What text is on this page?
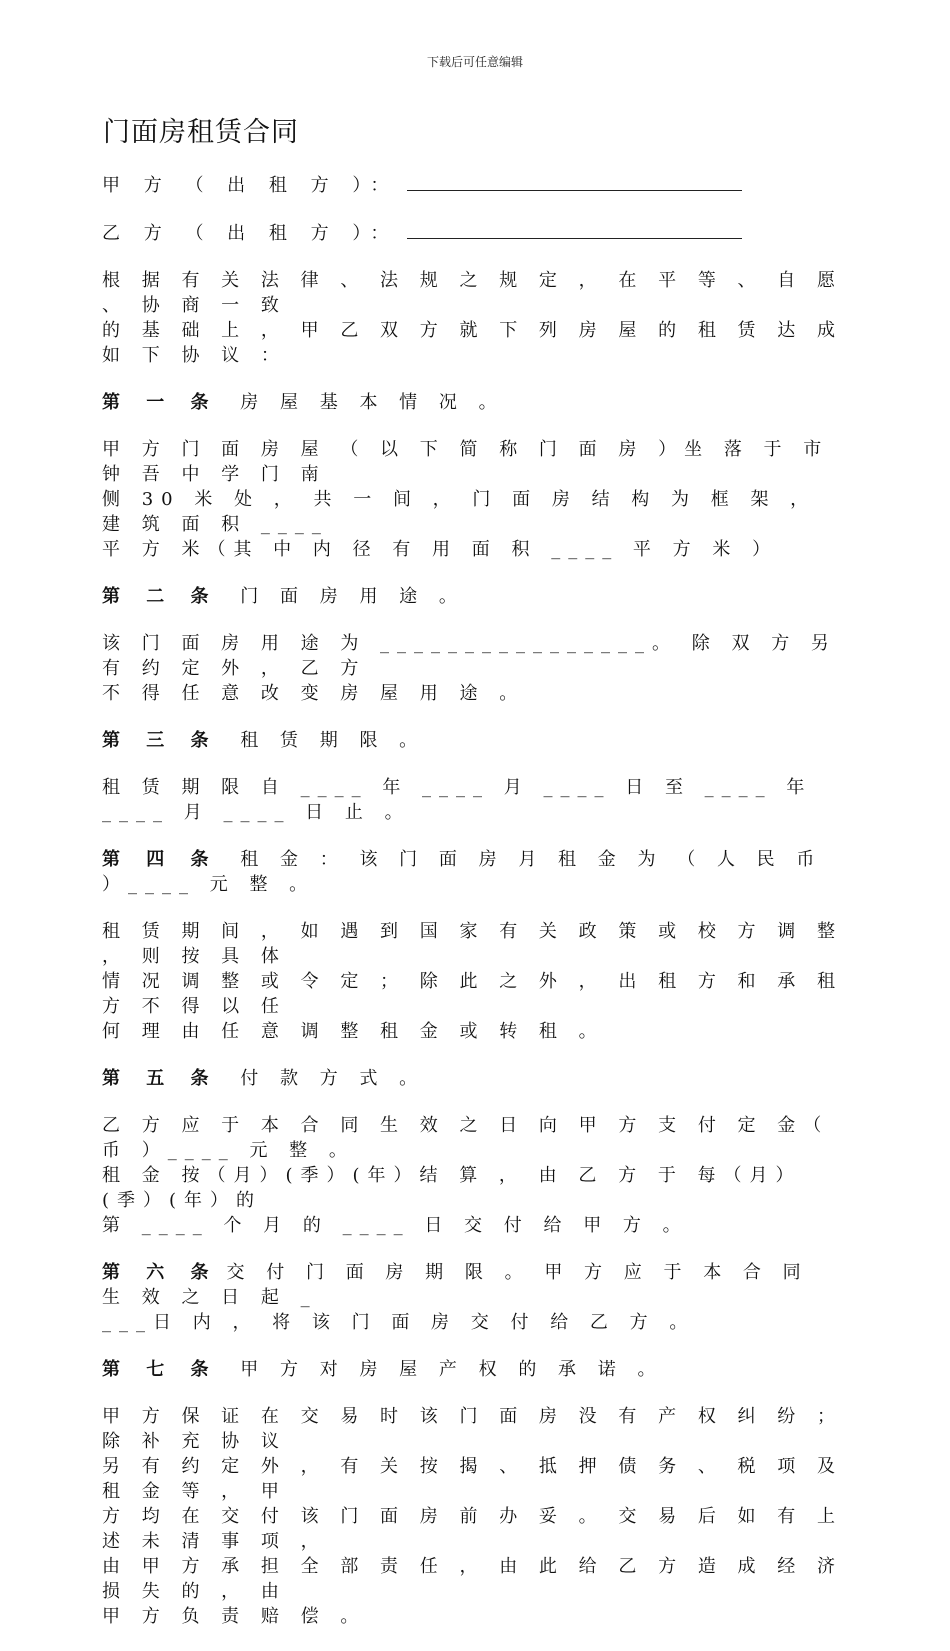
下载后可任意编辑
门面房租赁合同

甲 方 （ 出 租 方 ）：

乙 方 （ 出 租 方 ）：

根 据 有 关 法 律 、 法 规 之 规 定 ， 在 平 等 、 自 愿 、 协 商 一 致
的 基 础 上 ， 甲 乙 双 方 就 下 列 房 屋 的 租 赁 达 成 如 下 协 议 ：

第 一 条 房 屋 基 本 情 况 。

甲 方 门 面 房 屋 （ 以 下 简 称 门 面 房 ）坐 落 于 市 钟 吾 中 学 门 南
侧 30 米 处 ， 共 一 间 ， 门 面 房 结 构 为 框 架 ， 建 筑 面 积 ____
平 方 米（其 中 内 径 有 用 面 积 ____ 平 方 米 ）

第 二 条 门 面 房 用 途 。

该 门 面 房 用 途 为 ________________。 除 双 方 另 有 约 定 外 ， 乙 方
不 得 任 意 改 变 房 屋 用 途 。

第 三 条 租 赁 期 限 。

租 赁 期 限 自 ____ 年 ____ 月 ____ 日 至 ____ 年 ____ 月 ____ 日 止 。

第 四 条 租 金 ： 该 门 面 房 月 租 金 为 （ 人 民 币 ）____ 元 整 。

租 赁 期 间 ， 如 遇 到 国 家 有 关 政 策 或 校 方 调 整 ， 则 按 具 体
情 况 调 整 或 令 定 ； 除 此 之 外 ， 出 租 方 和 承 租 方 不 得 以 任
何 理 由 任 意 调 整 租 金 或 转 租 。

第 五 条 付 款 方 式 。

乙 方 应 于 本 合 同 生 效 之 日 向 甲 方 支 付 定 金（ 币 ）____ 元 整 。
租 金 按（月）(季）(年）结 算 ， 由 乙 方 于 每（月）(季）(年）的
第 ____ 个 月 的 ____ 日 交 付 给 甲 方 。

第 六 条 交 付 门 面 房 期 限 。 甲 方 应 于 本 合 同 生 效 之 日 起 _
___日 内 ， 将 该 门 面 房 交 付 给 乙 方 。

第 七 条 甲 方 对 房 屋 产 权 的 承 诺 。

甲 方 保 证 在 交 易 时 该 门 面 房 没 有 产 权 纠 纷 ； 除 补 充 协 议
另 有 约 定 外 ， 有 关 按 揭 、 抵 押 债 务 、 税 项 及 租 金 等 ， 甲
方 均 在 交 付 该 门 面 房 前 办 妥 。 交 易 后 如 有 上 述 未 清 事 项 ，
由 甲 方 承 担 全 部 责 任 ， 由 此 给 乙 方 造 成 经 济 损 失 的 ， 由
甲 方 负 责 赔 偿 。
